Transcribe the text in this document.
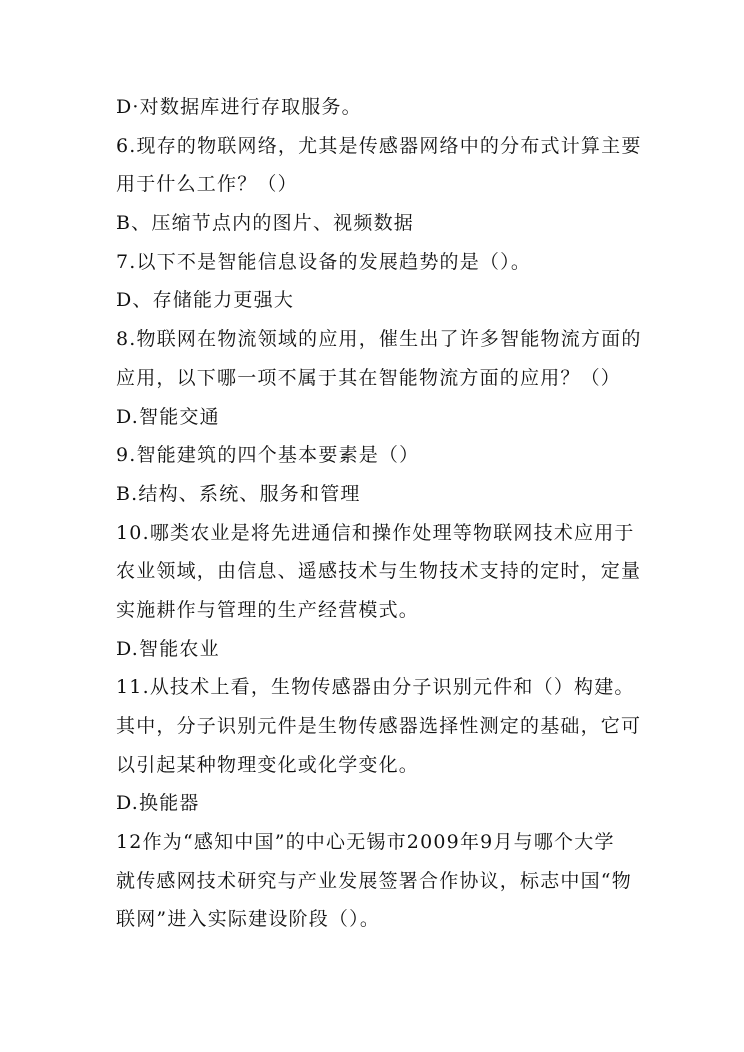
D·对数据库进行存取服务。
6.现存的物联网络，尤其是传感器网络中的分布式计算主要
用于什么工作？（）
B、压缩节点内的图片、视频数据
7.以下不是智能信息设备的发展趋势的是（）。
D、存储能力更强大
8.物联网在物流领域的应用，催生出了许多智能物流方面的
应用，以下哪一项不属于其在智能物流方面的应用？（）
D.智能交通
9.智能建筑的四个基本要素是（）
B.结构、系统、服务和管理
10.哪类农业是将先进通信和操作处理等物联网技术应用于
农业领域，由信息、遥感技术与生物技术支持的定时，定量
实施耕作与管理的生产经营模式。
D.智能农业
11.从技术上看，生物传感器由分子识别元件和（）构建。
其中，分子识别元件是生物传感器选择性测定的基础，它可
以引起某种物理变化或化学变化。
D.换能器
12作为“感知中国”的中心无锡市2009年9月与哪个大学
就传感网技术研究与产业发展签署合作协议，标志中国“物
联网”进入实际建设阶段（）。
